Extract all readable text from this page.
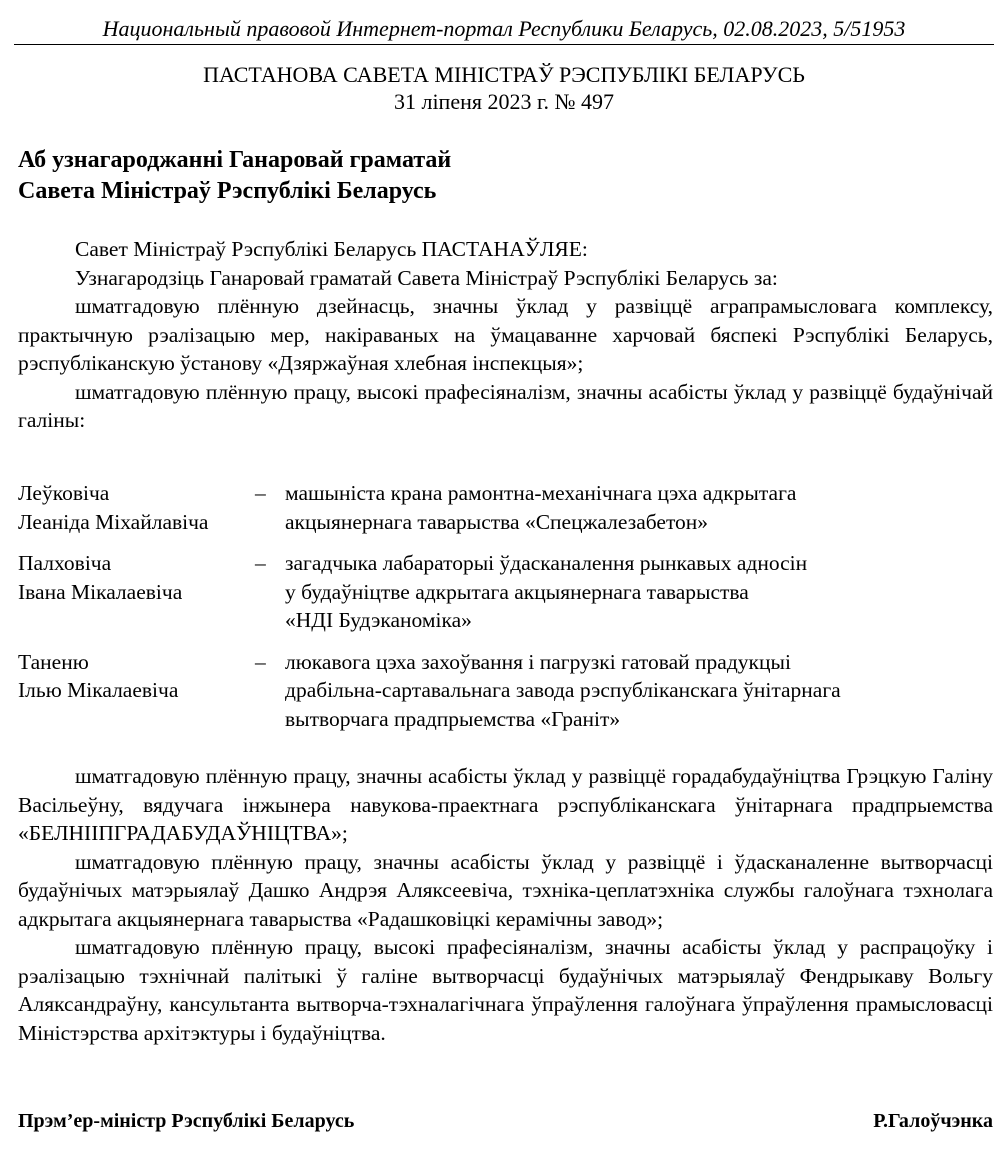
Национальный правовой Интернет-портал Республики Беларусь, 02.08.2023, 5/51953
ПАСТАНОВА САВЕТА МІНІСТРАЎ РЭСПУБЛІКІ БЕЛАРУСЬ
31 ліпеня 2023 г. № 497
Аб узнагароджанні Ганаровай граматай
Савета Міністраў Рэспублікі Беларусь

Савет Міністраў Рэспублікі Беларусь ПАСТАНАЎЛЯЕ:

Узнагародзіць Ганаровай граматай Савета Міністраў Рэспублікі Беларусь за:

шматгадовую плённую дзейнасць, значны ўклад у развіццё аграпрамысловага комплексу, практычную рэалізацыю мер, накіраваных на ўмацаванне харчовай бяспекі Рэспублікі Беларусь, рэспубліканскую ўстанову «Дзяржаўная хлебная інспекцыя»;

шматгадовую плённую працу, высокі прафесіяналізм, значны асабісты ўклад у развіццё будаўнічай галіны:

Леўковіча
Леаніда Міхайлавіча
– машыніста крана рамонтна-механічнага цэха адкрытага
акцыянернага таварыства «Спецжалезабетон»
Палховіча
Івана Мікалаевіча
– загадчыка лабараторыі ўдасканалення рынкавых адносін
у будаўніцтве адкрытага акцыянернага таварыства
«НДІ Будэканоміка»
Таненю
Ілью Мікалаевіча
– люкавога цэха захоўвання і пагрузкі гатовай прадукцыі
драбільна-сартавальнага завода рэспубліканскага ўнітарнага
вытворчага прадпрыемства «Граніт»

шматгадовую плённую працу, значны асабісты ўклад у развіццё горадабудаўніцтва Грэцкую Галіну Васільеўну, вядучага інжынера навукова-праектнага рэспубліканскага ўнітарнага прадпрыемства «БЕЛНІІПГРАДАБУДАЎНІЦТВА»;

шматгадовую плённую працу, значны асабісты ўклад у развіццё і ўдасканаленне вытворчасці будаўнічых матэрыялаў Дашко Андрэя Аляксеевіча, тэхніка-цеплатэхніка службы галоўнага тэхнолага адкрытага акцыянернага таварыства «Радашковіцкі керамічны завод»;

шматгадовую плённую працу, высокі прафесіяналізм, значны асабісты ўклад у распрацоўку і рэалізацыю тэхнічнай палітыкі ў галіне вытворчасці будаўнічых матэрыялаў Фендрыкаву Вольгу Аляксандраўну, кансультанта вытворча-тэхналагічнага ўпраўлення галоўнага ўпраўлення прамысловасці Міністэрства архітэктуры і будаўніцтва.

Прэм’ер-міністр Рэспублікі Беларусь	Р.Галоўчэнка
